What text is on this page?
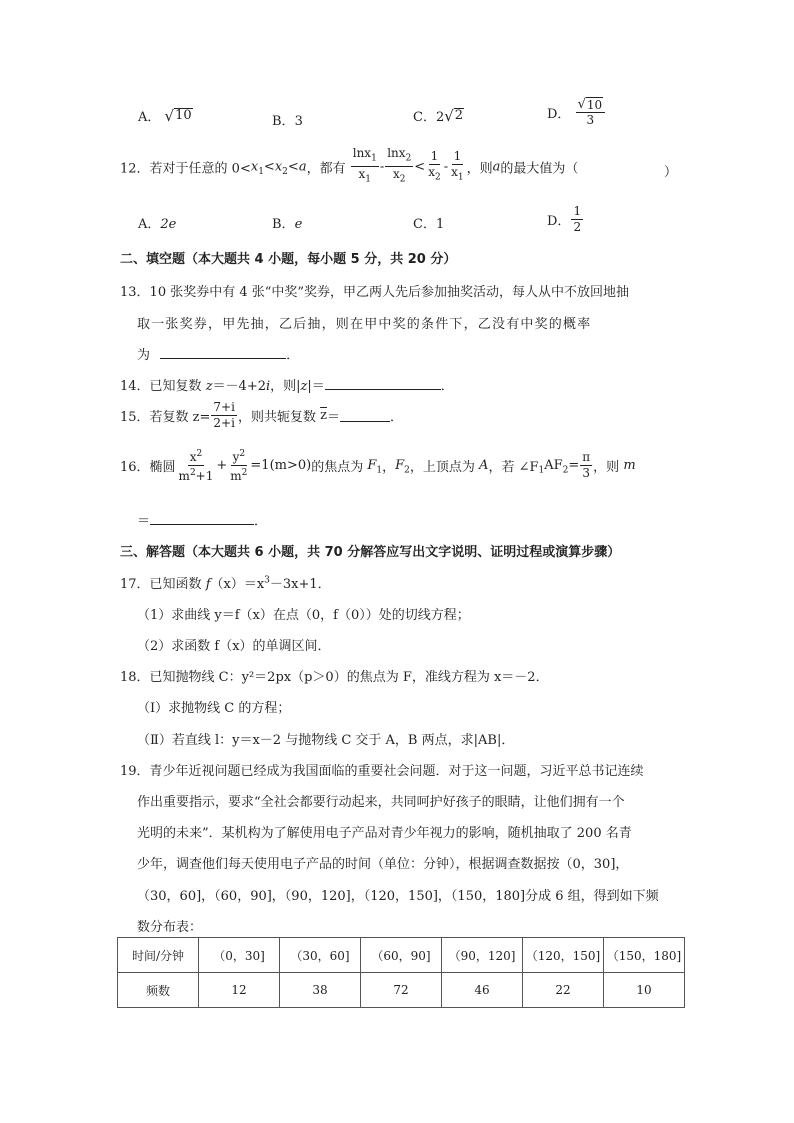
A． √ 10	B．3	C．2 √ 2	D． $\frac{√ 10}{3}$
12．若对于任意的 $0<x_1<x_2<a$，都有 $\frac{\ln x_1}{x_1} - \frac{\ln x_2}{x_2} < \frac{1}{x_2} - \frac{1}{x_1}$ ，则a的最大值为（	）
A．2e	B．e	C．1	D． $\frac{1}{2}$
二、填空题（本大题共 4 小题，每小题 5 分，共 20 分）
13．10 张奖券中有 4 张“中奖”奖券，甲乙两人先后参加抽奖活动，每人从中不放回地抽
取一张奖券，甲先抽，乙后抽，则在甲中奖的条件下，乙没有中奖的概率
为	．
14．已知复数 z＝－4+2i，则|z|＝	．
15．若复数 $z= \frac{7+i}{2+i}$ ，则共轭复数 $\overline{z}=$	．
16．椭圆 $\frac{x^2}{m^2+1} + \frac{y^2}{m^2} =1(m>0)$的焦点为 $F_1$，$F_2$，上顶点为 A，若 $\angle F_1AF_2= \frac{\pi}{3}$ ，则 m
＝	．
三、解答题（本大题共 6 小题，共 70 分解答应写出文字说明、证明过程或演算步骤）
17．已知函数 $f(x)=x^3-3x+1$．
（1）求曲线 y＝f（x）在点（0，f（0））处的切线方程；
（2）求函数 f（x）的单调区间．
18．已知抛物线 C：y²＝2px（p＞0）的焦点为 F，准线方程为 x＝－2．
（Ⅰ）求抛物线 C 的方程；
（Ⅱ）若直线 l：y＝x－2 与抛物线 C 交于 A，B 两点，求|AB|．
19．青少年近视问题已经成为我国面临的重要社会问题．对于这一问题，习近平总书记连续
作出重要指示，要求“全社会都要行动起来，共同呵护好孩子的眼睛，让他们拥有一个
光明的未来”．某机构为了解使用电子产品对青少年视力的影响，随机抽取了 200 名青
少年，调查他们每天使用电子产品的时间（单位：分钟），根据调查数据按（0，30]，
（30，60]，（60，90]，（90，120]，（120，150]，（150，180]分成 6 组，得到如下频
数分布表：
时间/分钟	（0，30]	（30，60]	（60，90]	（90，120]	（120，150]	（150，180]
频数	12	38	72	46	22	10
